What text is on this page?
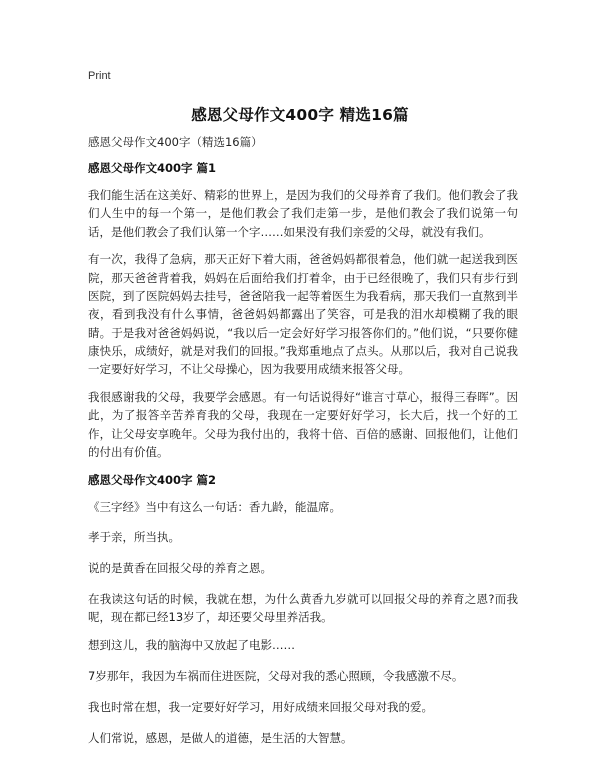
Print
感恩父母作文400字 精选16篇
感恩父母作文400字（精选16篇）
感恩父母作文400字 篇1

我们能生活在这美好、精彩的世界上，是因为我们的父母养育了我们。他们教会了我们人生中的每一个第一，是他们教会了我们走第一步，是他们教会了我们说第一句话，是他们教会了我们认第一个字……如果没有我们亲爱的父母，就没有我们。

有一次，我得了急病，那天正好下着大雨，爸爸妈妈都很着急，他们就一起送我到医院，那天爸爸背着我，妈妈在后面给我们打着伞，由于已经很晚了，我们只有步行到医院，到了医院妈妈去挂号，爸爸陪我一起等着医生为我看病，那天我们一直熬到半夜，看到我没有什么事情，爸爸妈妈都露出了笑容，可是我的泪水却模糊了我的眼睛。于是我对爸爸妈妈说，“我以后一定会好好学习报答你们的。”他们说，“只要你健康快乐，成绩好，就是对我们的回报。”我郑重地点了点头。从那以后，我对自己说我一定要好好学习，不让父母操心，因为我要用成绩来报答父母。

我很感谢我的父母，我要学会感恩。有一句话说得好“谁言寸草心，报得三春晖”。因此，为了报答辛苦养育我的父母，我现在一定要好好学习，长大后，找一个好的工作，让父母安享晚年。父母为我付出的，我将十倍、百倍的感谢、回报他们，让他们的付出有价值。

感恩父母作文400字 篇2

《三字经》当中有这么一句话：香九龄，能温席。

孝于亲，所当执。

说的是黄香在回报父母的养育之恩。

在我读这句话的时候，我就在想，为什么黄香九岁就可以回报父母的养育之恩?而我呢，现在都已经13岁了，却还要父母里养活我。

想到这儿，我的脑海中又放起了电影……

7岁那年，我因为车祸而住进医院，父母对我的悉心照顾，令我感激不尽。

我也时常在想，我一定要好好学习，用好成绩来回报父母对我的爱。

人们常说，感恩，是做人的道德，是生活的大智慧。
